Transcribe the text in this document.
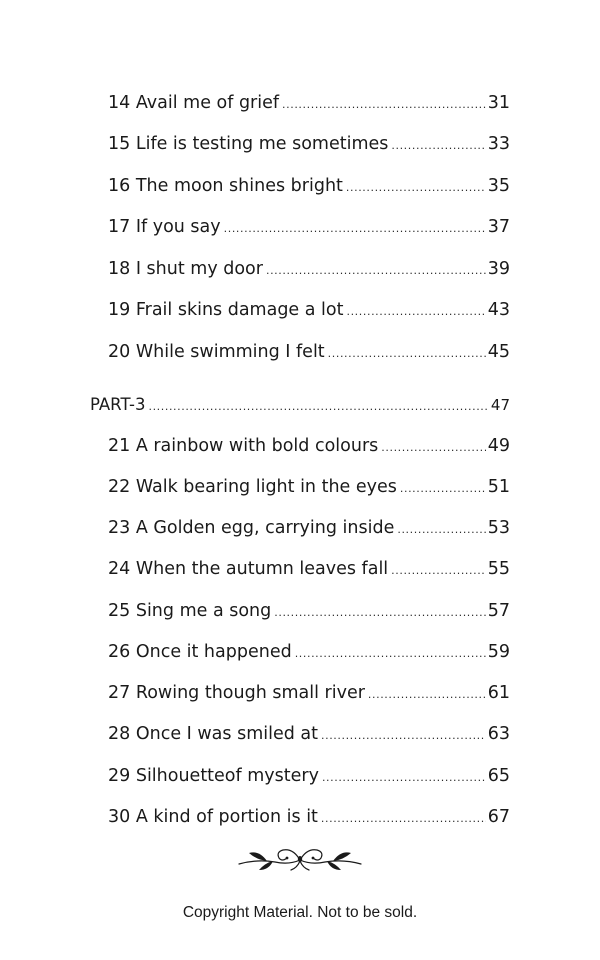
14 Avail me of grief .....	31
15 Life is testing me sometimes .....	33
16 The moon shines bright .....	35
17 If you say .....	37
18 I shut my door .....	39
19 Frail skins damage a lot .....	43
20 While swimming I felt .....	45
PART-3 .....	47
21 A rainbow with bold colours .....	49
22 Walk bearing light in the eyes .....	51
23 A Golden egg, carrying inside .....	53
24 When the autumn leaves fall .....	55
25 Sing me a song .....	57
26 Once it happened .....	59
27 Rowing though small river .....	61
28 Once I was smiled at .....	63
29 Silhouetteof mystery .....	65
30 A kind of portion is it .....	67
Copyright Material. Not to be sold.
